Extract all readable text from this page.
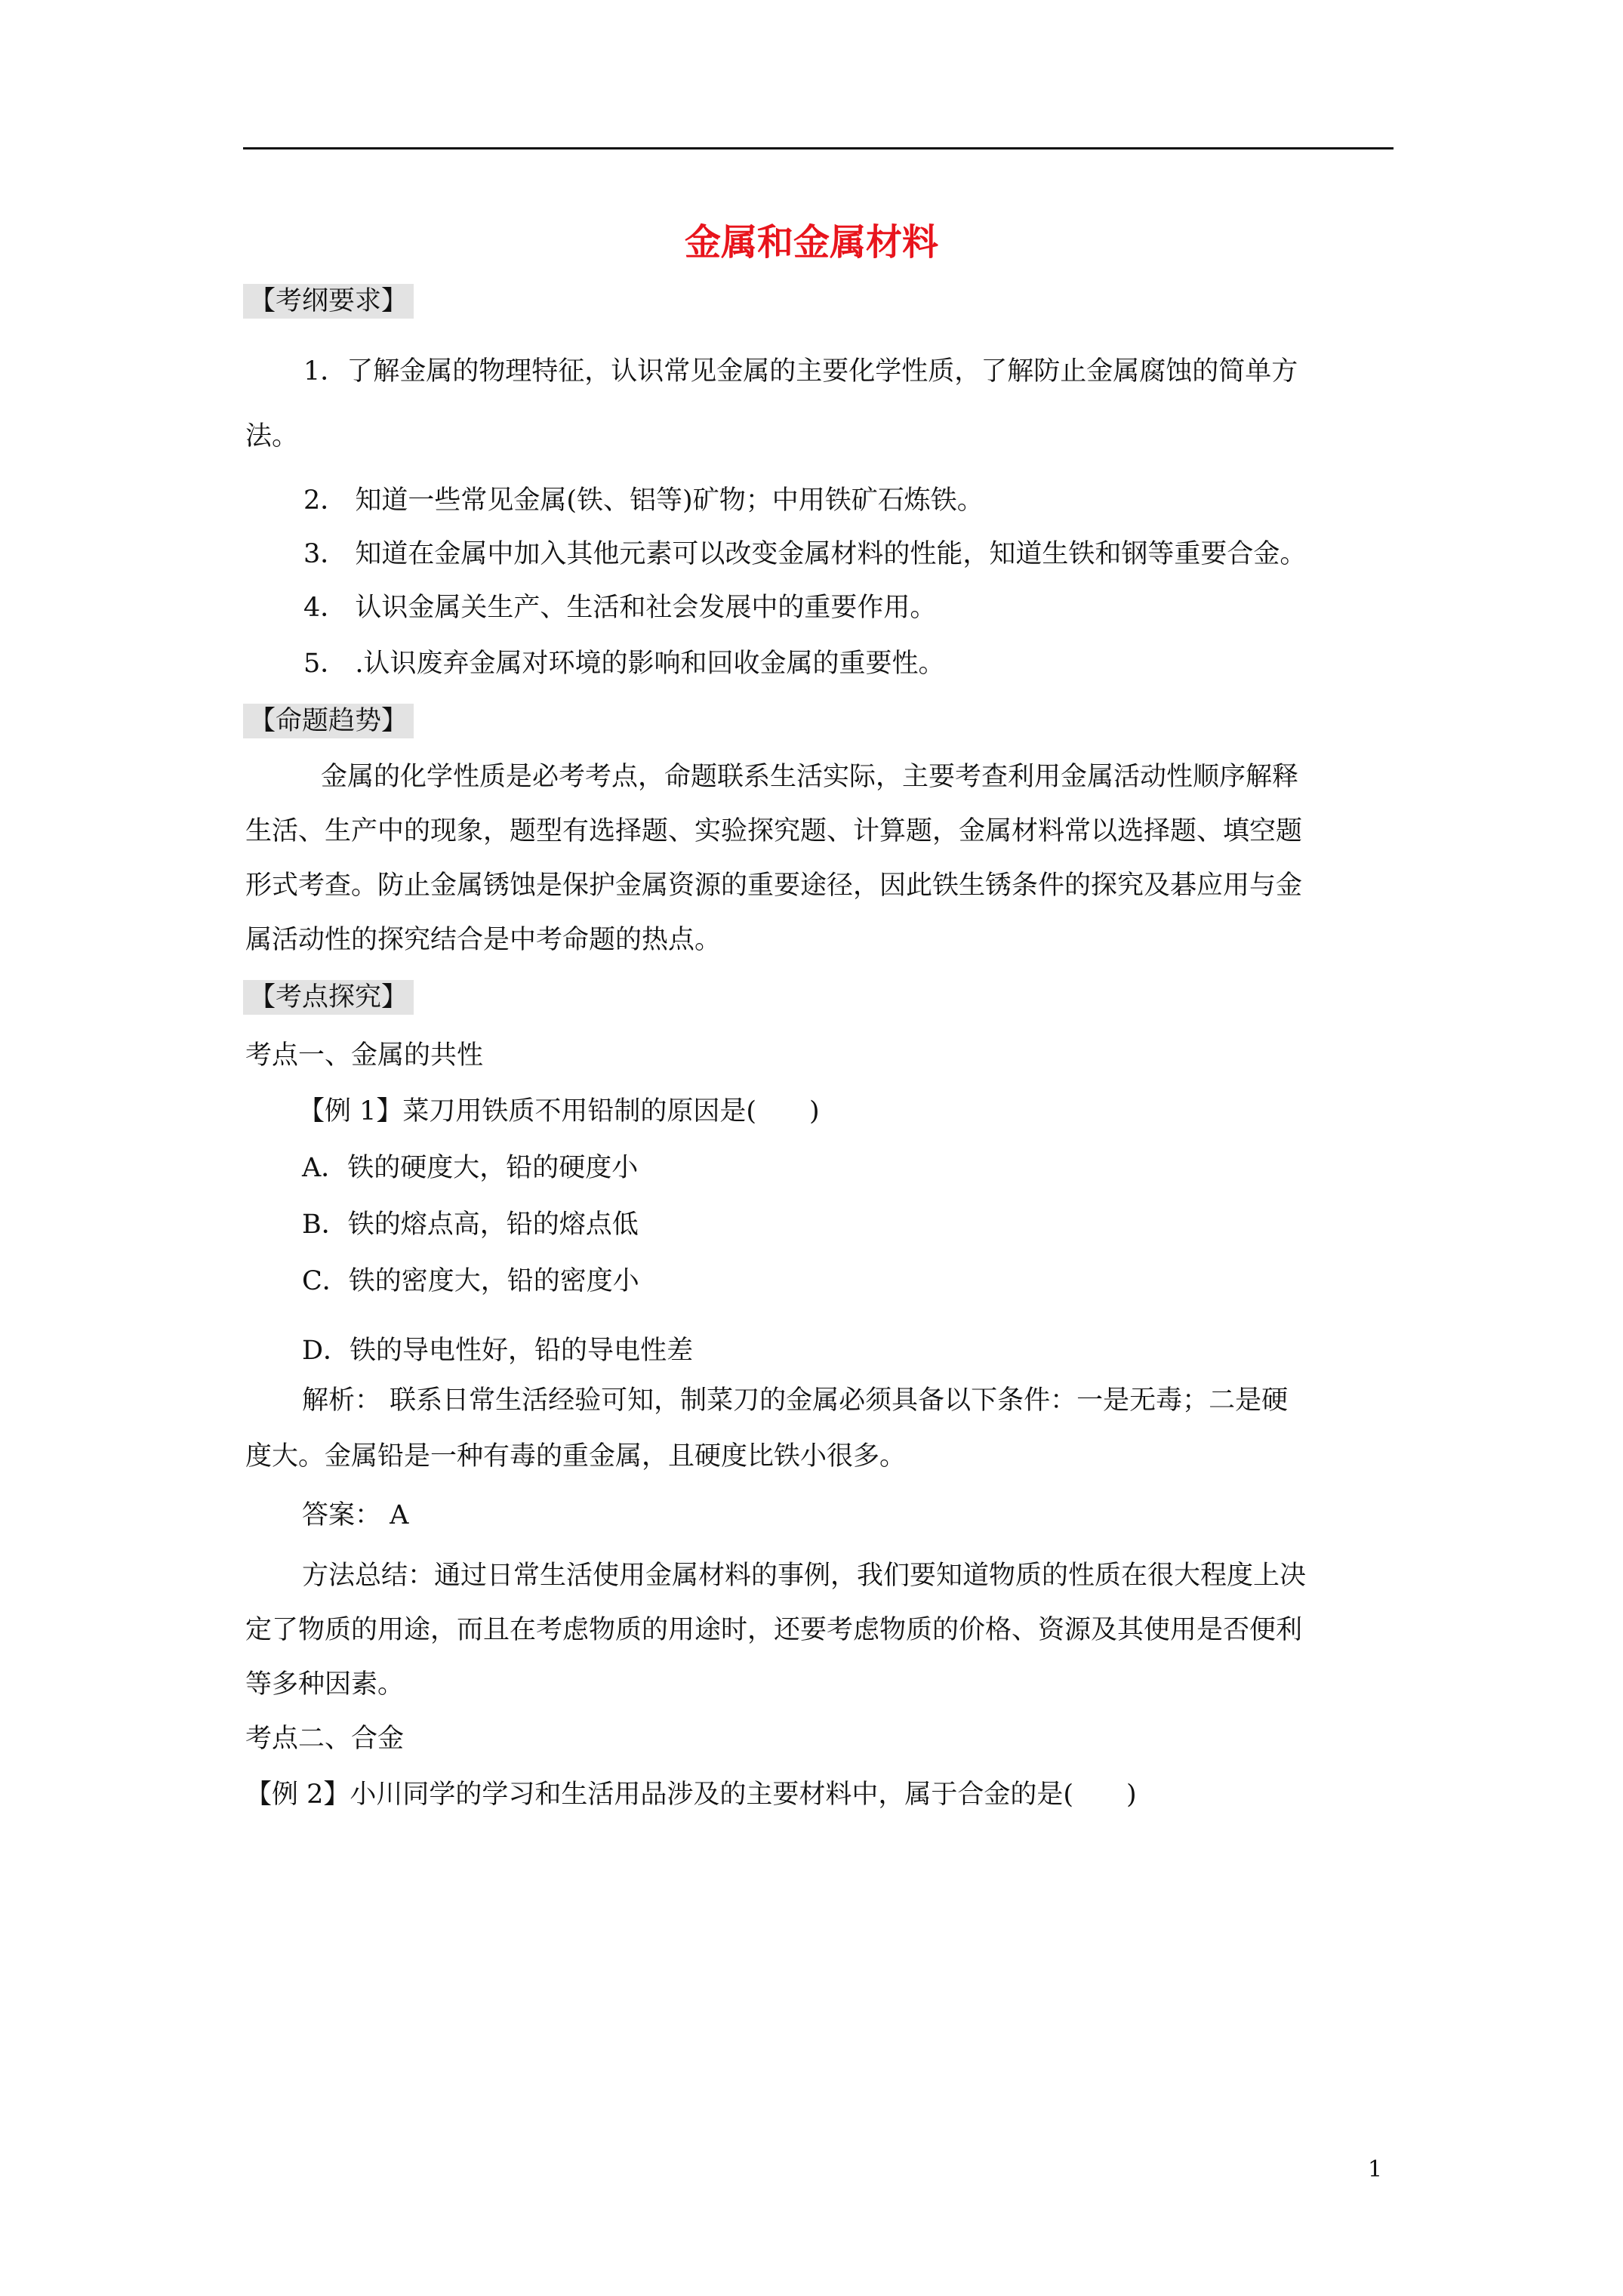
金属和金属材料
【考纲要求】
1．了解金属的物理特征，认识常见金属的主要化学性质，了解防止金属腐蚀的简单方
法。
2． 知道一些常见金属(铁、铝等)矿物；中用铁矿石炼铁。
3． 知道在金属中加入其他元素可以改变金属材料的性能，知道生铁和钢等重要合金。
4． 认识金属关生产、生活和社会发展中的重要作用。
5． .认识废弃金属对环境的影响和回收金属的重要性。
【命题趋势】
金属的化学性质是必考考点，命题联系生活实际，主要考查利用金属活动性顺序解释
生活、生产中的现象，题型有选择题、实验探究题、计算题，金属材料常以选择题、填空题
形式考查。防止金属锈蚀是保护金属资源的重要途径，因此铁生锈条件的探究及碁应用与金
属活动性的探究结合是中考命题的热点。
【考点探究】
考点一、金属的共性
【例 1】菜刀用铁质不用铅制的原因是(　　)
A．铁的硬度大，铅的硬度小
B．铁的熔点高，铅的熔点低
C．铁的密度大，铅的密度小
D．铁的导电性好，铅的导电性差
解析： 联系日常生活经验可知，制菜刀的金属必须具备以下条件：一是无毒；二是硬
度大。金属铅是一种有毒的重金属，且硬度比铁小很多。
答案： A
方法总结：通过日常生活使用金属材料的事例，我们要知道物质的性质在很大程度上决
定了物质的用途，而且在考虑物质的用途时，还要考虑物质的价格、资源及其使用是否便利
等多种因素。
考点二、合金
【例 2】小川同学的学习和生活用品涉及的主要材料中，属于合金的是(　　)
1
